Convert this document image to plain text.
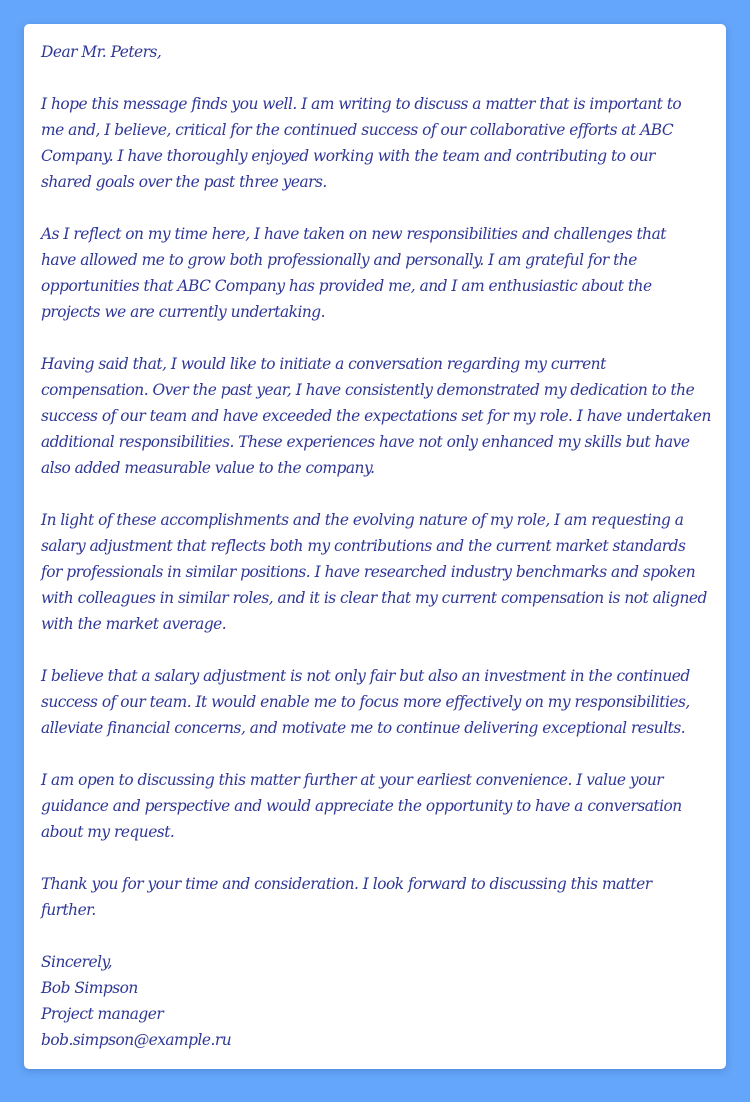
Dear Mr. Peters,

I hope this message finds you well. I am writing to discuss a matter that is important to
me and, I believe, critical for the continued success of our collaborative efforts at ABC
Company. I have thoroughly enjoyed working with the team and contributing to our
shared goals over the past three years.

As I reflect on my time here, I have taken on new responsibilities and challenges that
have allowed me to grow both professionally and personally. I am grateful for the
opportunities that ABC Company has provided me, and I am enthusiastic about the
projects we are currently undertaking.

Having said that, I would like to initiate a conversation regarding my current
compensation. Over the past year, I have consistently demonstrated my dedication to the
success of our team and have exceeded the expectations set for my role. I have undertaken
additional responsibilities. These experiences have not only enhanced my skills but have
also added measurable value to the company.

In light of these accomplishments and the evolving nature of my role, I am requesting a
salary adjustment that reflects both my contributions and the current market standards
for professionals in similar positions. I have researched industry benchmarks and spoken
with colleagues in similar roles, and it is clear that my current compensation is not aligned
with the market average.

I believe that a salary adjustment is not only fair but also an investment in the continued
success of our team. It would enable me to focus more effectively on my responsibilities,
alleviate financial concerns, and motivate me to continue delivering exceptional results.

I am open to discussing this matter further at your earliest convenience. I value your
guidance and perspective and would appreciate the opportunity to have a conversation
about my request.

Thank you for your time and consideration. I look forward to discussing this matter
further.

Sincerely,
Bob Simpson
Project manager
bob.simpson@example.ru
